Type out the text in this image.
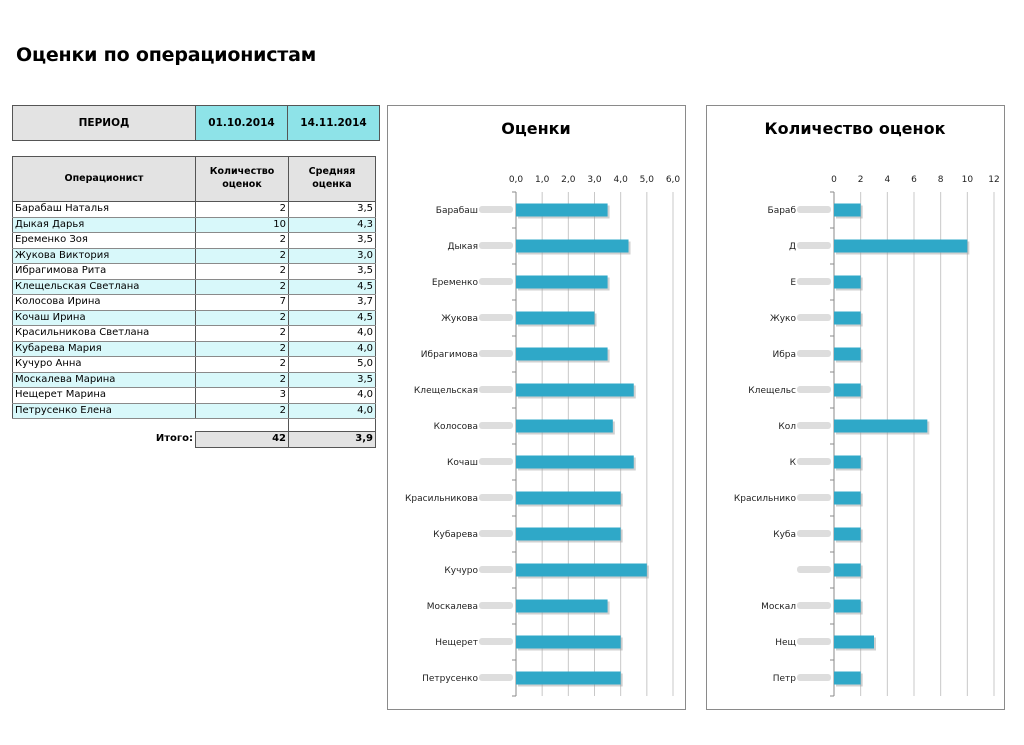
Оценки по операционистам
ПЕРИОД	01.10.2014	14.11.2014
Операционист	Количество оценок	Средняя оценка
Барабаш Наталья	2	3,5
Дыкая Дарья	10	4,3
Еременко Зоя	2	3,5
Жукова Виктория	2	3,0
Ибрагимова Рита	2	3,5
Клещельская Светлана	2	4,5
Колосова Ирина	7	3,7
Кочаш Ирина	2	4,5
Красильникова Светлана	2	4,0
Кубарева Мария	2	4,0
Кучуро Анна	2	5,0
Москалева Марина	2	3,5
Нещерет Марина	3	4,0
Петрусенко Елена	2	4,0

Итого:	42	3,9
Оценки
0,0 1,0 2,0 3,0 4,0 5,0 6,0
Барабаш
Дыкая
Еременко
Жукова
Ибрагимова
Клещельская
Колосова
Кочаш
Красильникова
Кубарева
Кучуро
Москалева
Нещерет
Петрусенко
Количество оценок
0 2 4 6 8 10 12
Бараб
Д
Е
Жуко
Ибра
Клещельс
Кол
К
Красильнико
Куба
Москал
Нещ
Петр
